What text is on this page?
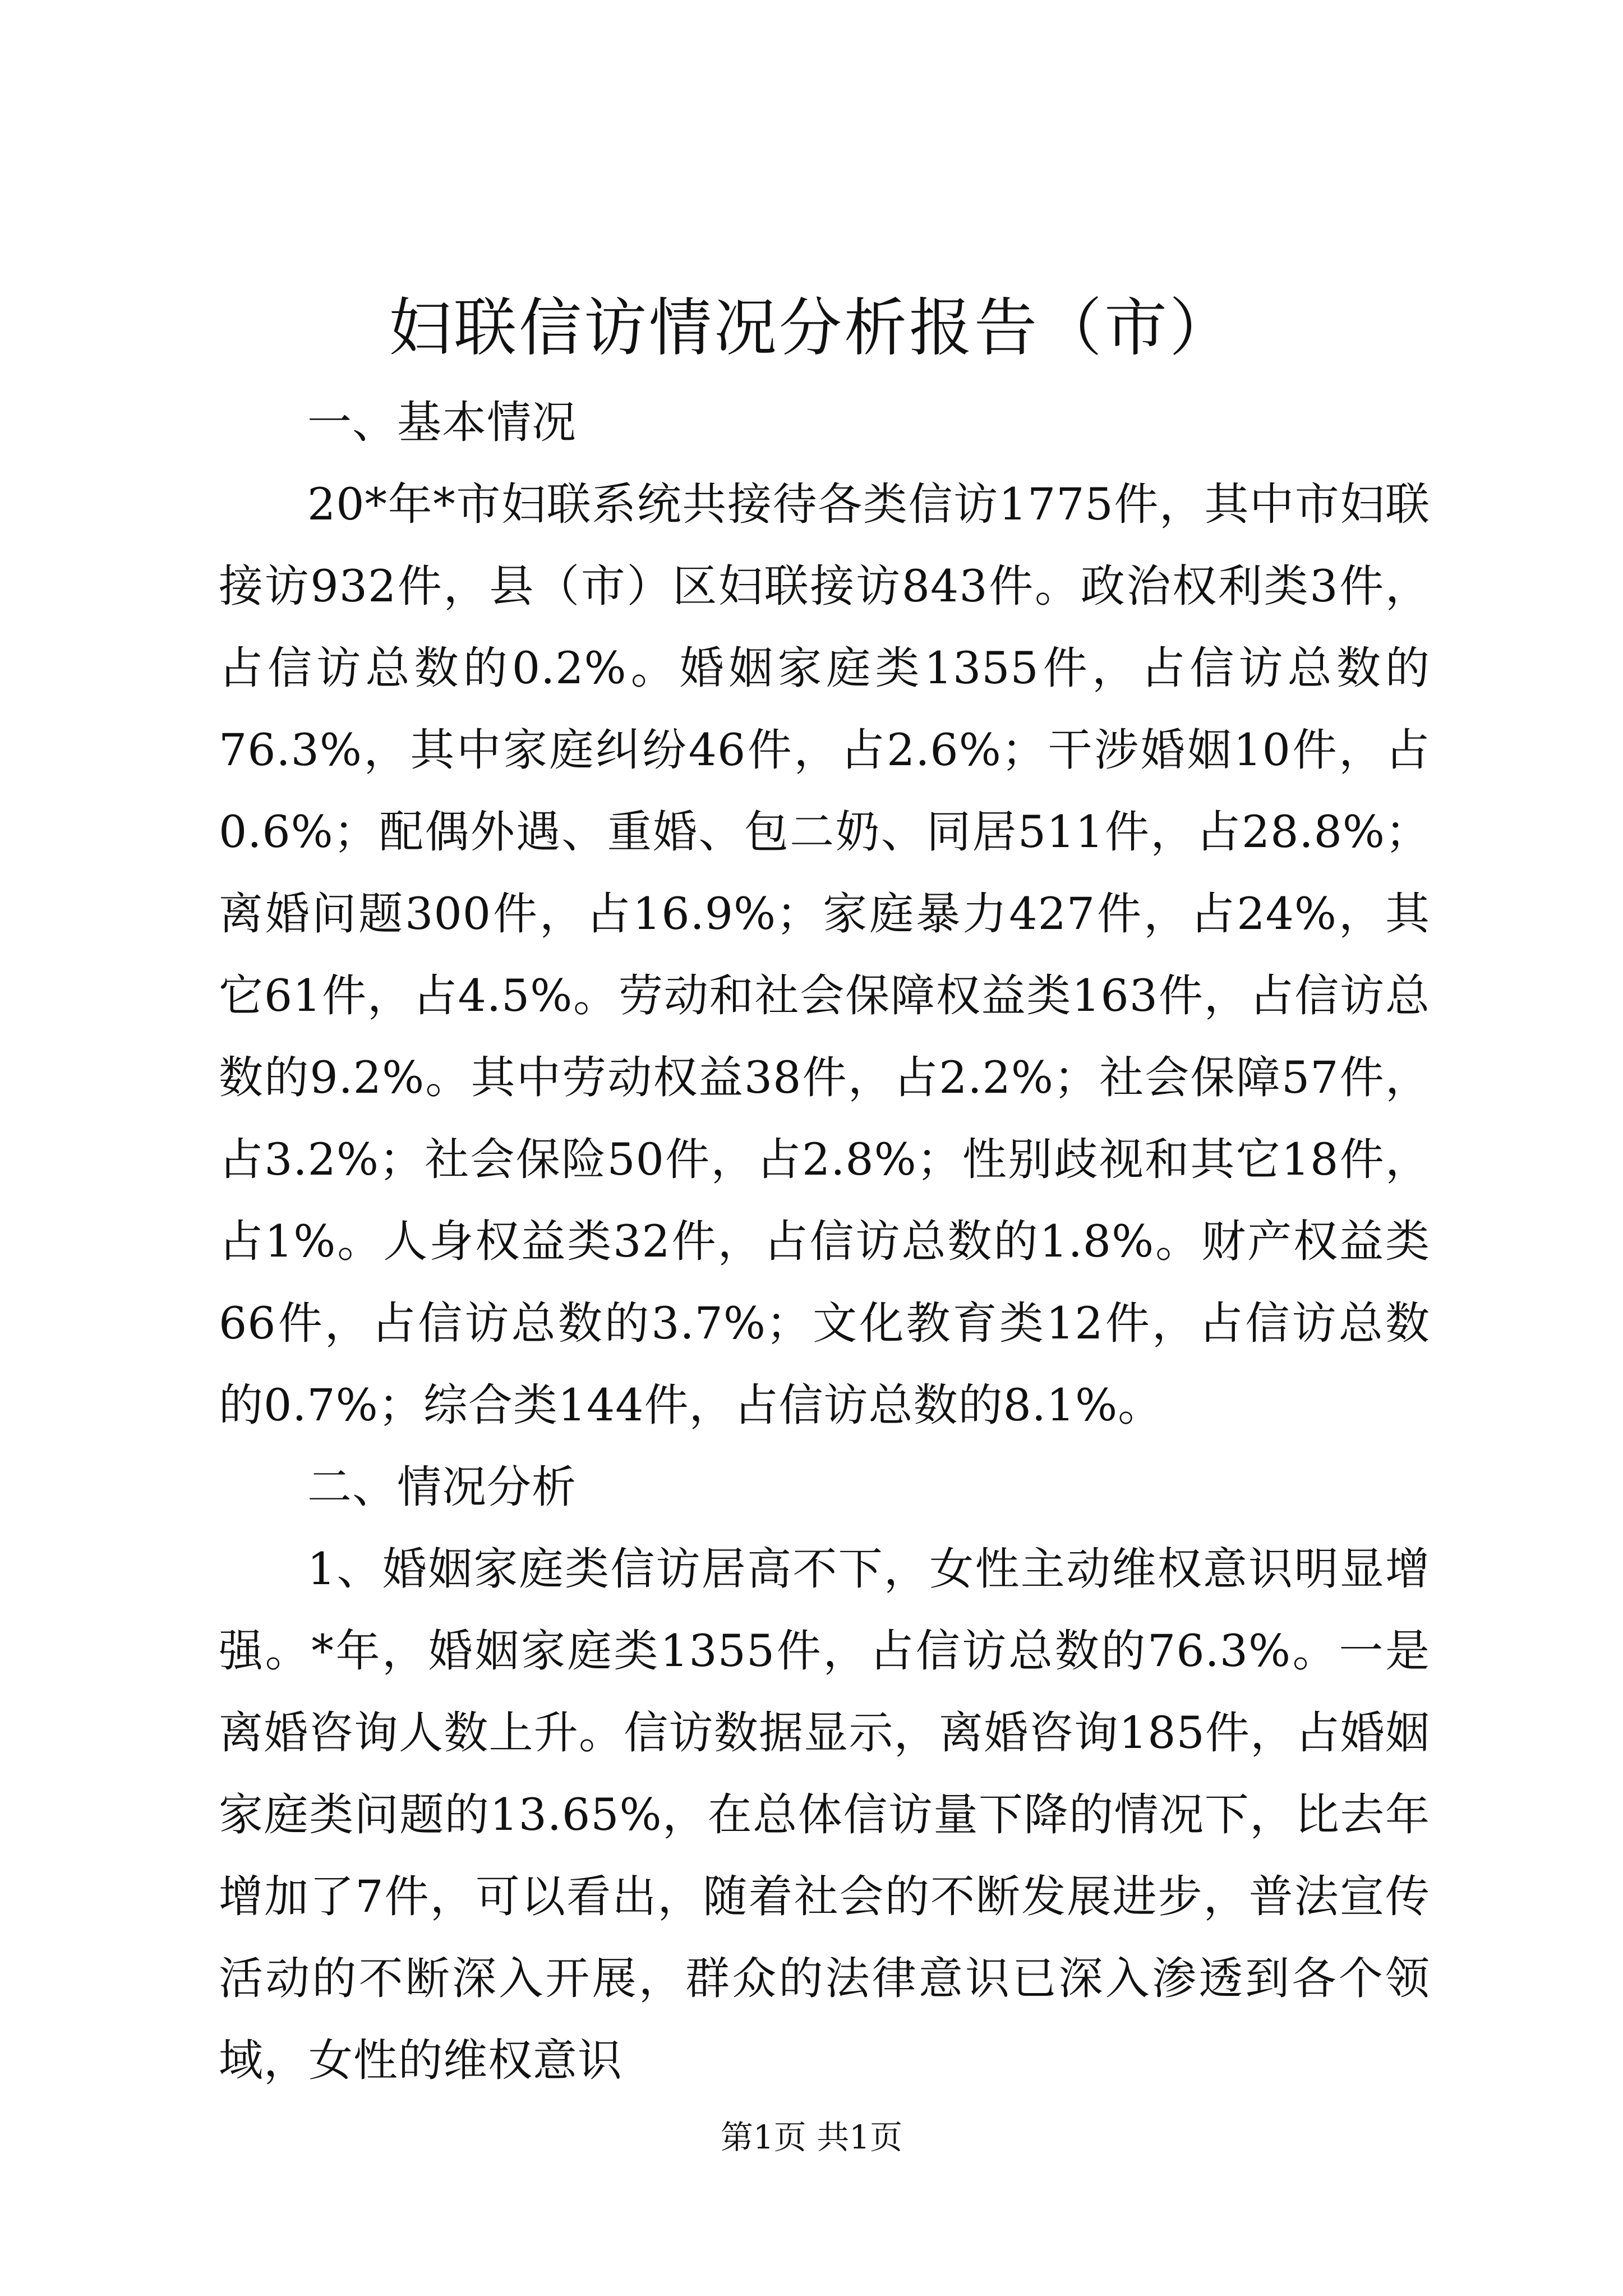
妇联信访情况分析报告（市）

一、基本情况

20*年*市妇联系统共接待各类信访1775件，其中市妇联接访932件，县（市）区妇联接访843件。政治权利类3件，占信访总数的0.2%。婚姻家庭类1355件，占信访总数的76.3%，其中家庭纠纷46件，占2.6%；干涉婚姻10件，占0.6%；配偶外遇、重婚、包二奶、同居511件，占28.8%；离婚问题300件，占16.9%；家庭暴力427件，占24%，其它61件，占4.5%。劳动和社会保障权益类163件，占信访总数的9.2%。其中劳动权益38件，占2.2%；社会保障57件，占3.2%；社会保险50件，占2.8%；性别歧视和其它18件，占1%。人身权益类32件，占信访总数的1.8%。财产权益类66件，占信访总数的3.7%；文化教育类12件，占信访总数的0.7%；综合类144件，占信访总数的8.1%。

二、情况分析

1、婚姻家庭类信访居高不下，女性主动维权意识明显增强。*年，婚姻家庭类1355件，占信访总数的76.3%。一是离婚咨询人数上升。信访数据显示，离婚咨询185件，占婚姻家庭类问题的13.65%，在总体信访量下降的情况下，比去年增加了7件，可以看出，随着社会的不断发展进步，普法宣传活动的不断深入开展，群众的法律意识已深入渗透到各个领域，女性的维权意识

第1页 共1页
